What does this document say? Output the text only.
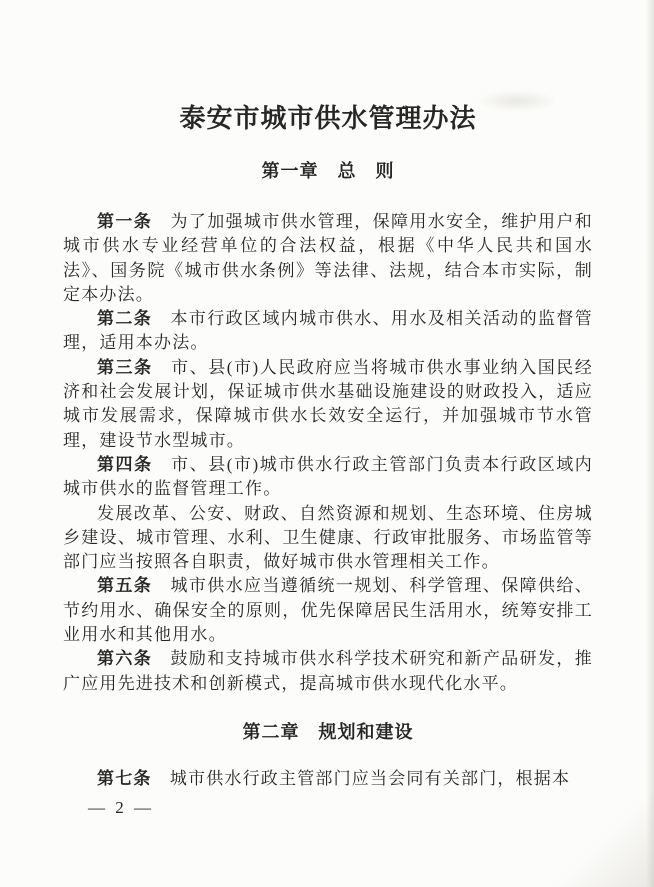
泰安市城市供水管理办法
第一章　总　则

第一条　为了加强城市供水管理，保障用水安全，维护用户和城市供水专业经营单位的合法权益，根据《中华人民共和国水法》、国务院《城市供水条例》等法律、法规，结合本市实际，制定本办法。

第二条　本市行政区域内城市供水、用水及相关活动的监督管理，适用本办法。

第三条　市、县(市)人民政府应当将城市供水事业纳入国民经济和社会发展计划，保证城市供水基础设施建设的财政投入，适应城市发展需求，保障城市供水长效安全运行，并加强城市节水管理，建设节水型城市。

第四条　市、县(市)城市供水行政主管部门负责本行政区域内城市供水的监督管理工作。

发展改革、公安、财政、自然资源和规划、生态环境、住房城乡建设、城市管理、水利、卫生健康、行政审批服务、市场监管等部门应当按照各自职责，做好城市供水管理相关工作。

第五条　城市供水应当遵循统一规划、科学管理、保障供给、节约用水、确保安全的原则，优先保障居民生活用水，统筹安排工业用水和其他用水。

第六条　鼓励和支持城市供水科学技术研究和新产品研发，推广应用先进技术和创新模式，提高城市供水现代化水平。

第二章　规划和建设

第七条　城市供水行政主管部门应当会同有关部门，根据本

— 2 —
